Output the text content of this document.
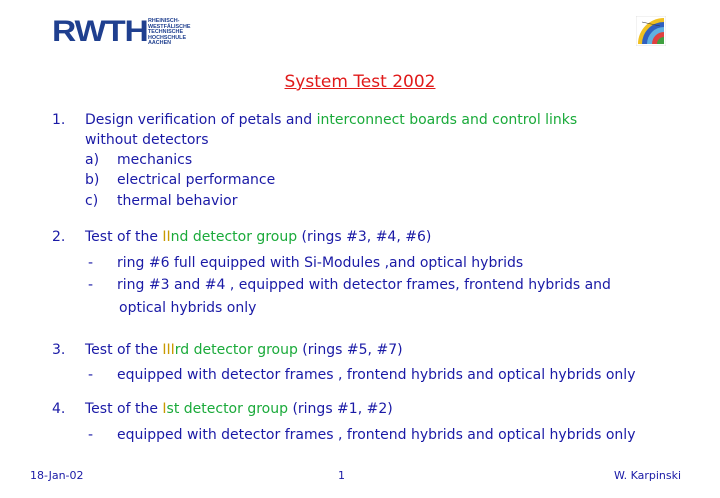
RWTH RHEINISCH-
WESTFÄLISCHE
TECHNISCHE
HOCHSCHULE
AACHEN
System Test 2002
1. Design verification of petals and interconnect boards and control links
without detectors
a) mechanics
b) electrical performance
c) thermal behavior
2. Test of the IInd detector group (rings #3, #4, #6)
- ring #6 full equipped with Si-Modules ,and optical hybrids
- ring #3 and #4 , equipped with detector frames, frontend hybrids and
optical hybrids only
3. Test of the IIIrd detector group (rings #5, #7)
- equipped with detector frames , frontend hybrids and optical hybrids only
4. Test of the Ist detector group (rings #1, #2)
- equipped with detector frames , frontend hybrids and optical hybrids only
18-Jan-02	1	W. Karpinski
